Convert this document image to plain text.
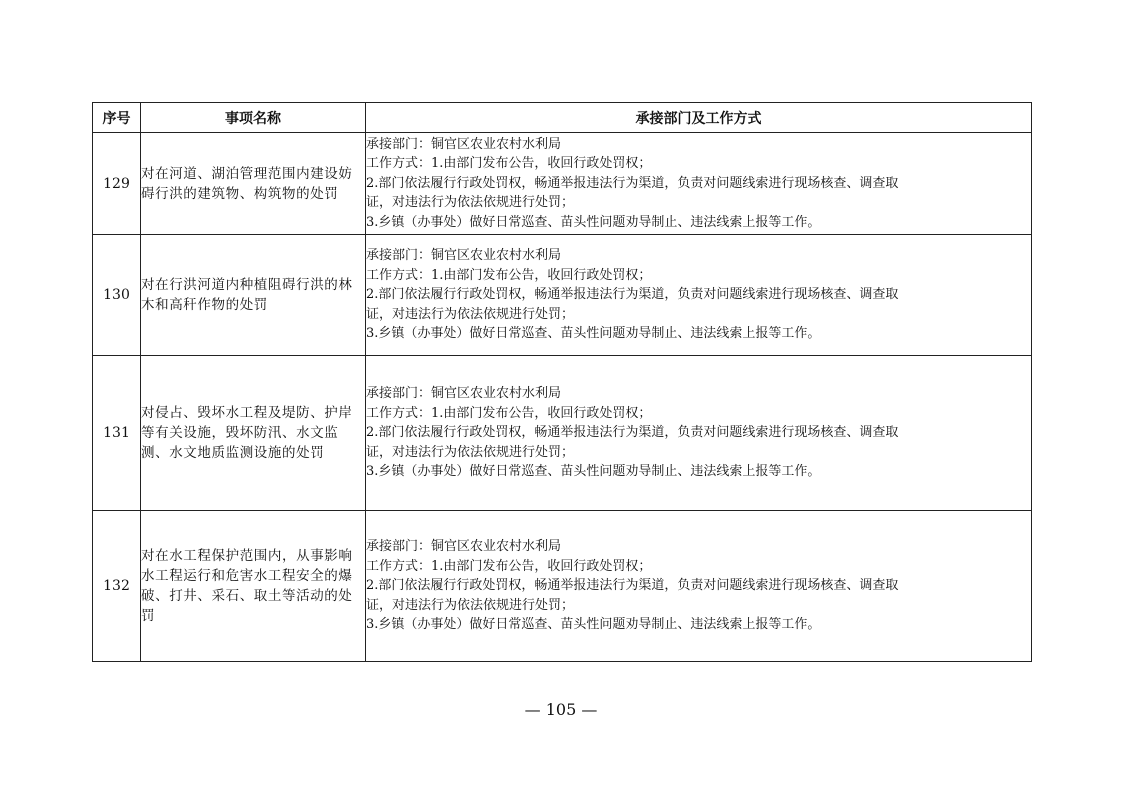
序号	事项名称	承接部门及工作方式
129	对在河道、湖泊管理范围内建设妨碍行洪的建筑物、构筑物的处罚	承接部门：铜官区农业农村水利局
工作方式：1.由部门发布公告，收回行政处罚权；
2.部门依法履行行政处罚权，畅通举报违法行为渠道，负责对问题线索进行现场核查、调查取
证，对违法行为依法依规进行处罚；
3.乡镇（办事处）做好日常巡查、苗头性问题劝导制止、违法线索上报等工作。

130	对在行洪河道内种植阻碍行洪的林木和高秆作物的处罚	承接部门：铜官区农业农村水利局
工作方式：1.由部门发布公告，收回行政处罚权；
2.部门依法履行行政处罚权，畅通举报违法行为渠道，负责对问题线索进行现场核查、调查取
证，对违法行为依法依规进行处罚；
3.乡镇（办事处）做好日常巡查、苗头性问题劝导制止、违法线索上报等工作。

131	对侵占、毁坏水工程及堤防、护岸等有关设施，毁坏防汛、水文监测、水文地质监测设施的处罚	承接部门：铜官区农业农村水利局
工作方式：1.由部门发布公告，收回行政处罚权；
2.部门依法履行行政处罚权，畅通举报违法行为渠道，负责对问题线索进行现场核查、调查取
证，对违法行为依法依规进行处罚；
3.乡镇（办事处）做好日常巡查、苗头性问题劝导制止、违法线索上报等工作。

132	对在水工程保护范围内，从事影响水工程运行和危害水工程安全的爆破、打井、采石、取土等活动的处罚	承接部门：铜官区农业农村水利局
工作方式：1.由部门发布公告，收回行政处罚权；
2.部门依法履行行政处罚权，畅通举报违法行为渠道，负责对问题线索进行现场核查、调查取
证，对违法行为依法依规进行处罚；
3.乡镇（办事处）做好日常巡查、苗头性问题劝导制止、违法线索上报等工作。
— 105 —
